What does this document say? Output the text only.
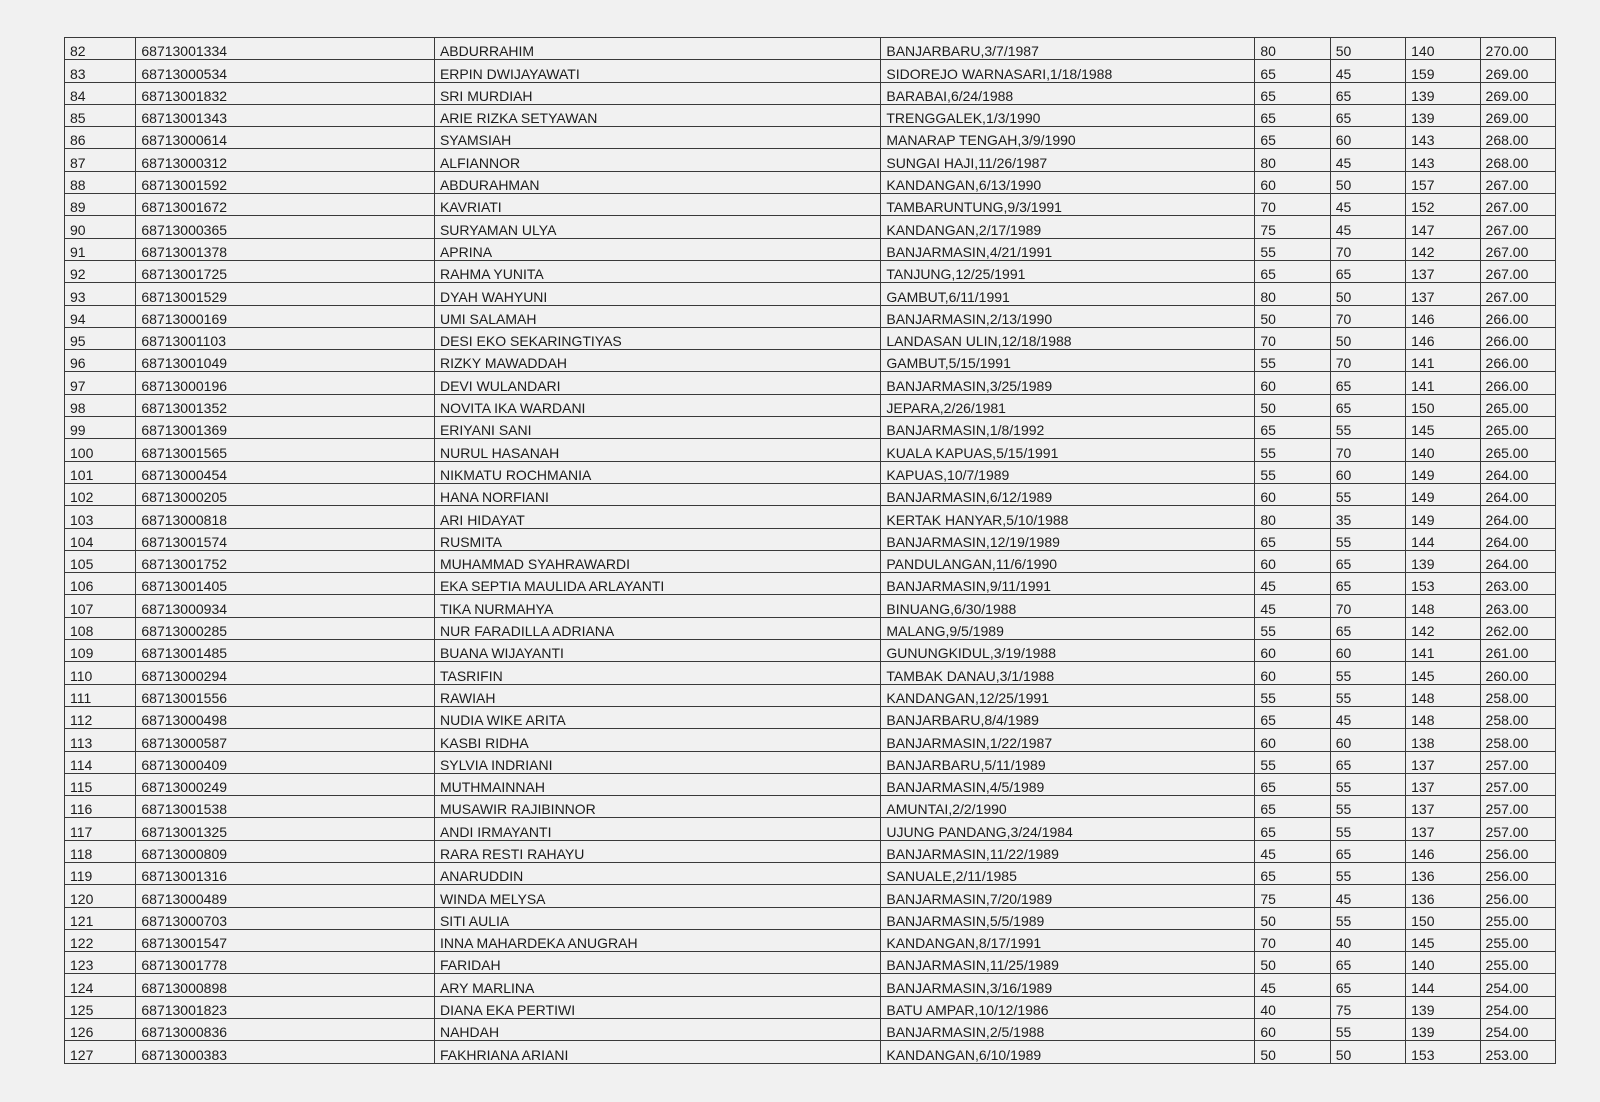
82	68713001334	ABDURRAHIM	BANJARBARU,3/7/1987	80	50	140	270.00
83	68713000534	ERPIN DWIJAYAWATI	SIDOREJO WARNASARI,1/18/1988	65	45	159	269.00
84	68713001832	SRI MURDIAH	BARABAI,6/24/1988	65	65	139	269.00
85	68713001343	ARIE RIZKA SETYAWAN	TRENGGALEK,1/3/1990	65	65	139	269.00
86	68713000614	SYAMSIAH	MANARAP TENGAH,3/9/1990	65	60	143	268.00
87	68713000312	ALFIANNOR	SUNGAI HAJI,11/26/1987	80	45	143	268.00
88	68713001592	ABDURAHMAN	KANDANGAN,6/13/1990	60	50	157	267.00
89	68713001672	KAVRIATI	TAMBARUNTUNG,9/3/1991	70	45	152	267.00
90	68713000365	SURYAMAN ULYA	KANDANGAN,2/17/1989	75	45	147	267.00
91	68713001378	APRINA	BANJARMASIN,4/21/1991	55	70	142	267.00
92	68713001725	RAHMA YUNITA	TANJUNG,12/25/1991	65	65	137	267.00
93	68713001529	DYAH WAHYUNI	GAMBUT,6/11/1991	80	50	137	267.00
94	68713000169	UMI SALAMAH	BANJARMASIN,2/13/1990	50	70	146	266.00
95	68713001103	DESI EKO SEKARINGTIYAS	LANDASAN ULIN,12/18/1988	70	50	146	266.00
96	68713001049	RIZKY MAWADDAH	GAMBUT,5/15/1991	55	70	141	266.00
97	68713000196	DEVI WULANDARI	BANJARMASIN,3/25/1989	60	65	141	266.00
98	68713001352	NOVITA IKA WARDANI	JEPARA,2/26/1981	50	65	150	265.00
99	68713001369	ERIYANI SANI	BANJARMASIN,1/8/1992	65	55	145	265.00
100	68713001565	NURUL HASANAH	KUALA KAPUAS,5/15/1991	55	70	140	265.00
101	68713000454	NIKMATU ROCHMANIA	KAPUAS,10/7/1989	55	60	149	264.00
102	68713000205	HANA NORFIANI	BANJARMASIN,6/12/1989	60	55	149	264.00
103	68713000818	ARI HIDAYAT	KERTAK HANYAR,5/10/1988	80	35	149	264.00
104	68713001574	RUSMITA	BANJARMASIN,12/19/1989	65	55	144	264.00
105	68713001752	MUHAMMAD SYAHRAWARDI	PANDULANGAN,11/6/1990	60	65	139	264.00
106	68713001405	EKA SEPTIA MAULIDA ARLAYANTI	BANJARMASIN,9/11/1991	45	65	153	263.00
107	68713000934	TIKA NURMAHYA	BINUANG,6/30/1988	45	70	148	263.00
108	68713000285	NUR FARADILLA ADRIANA	MALANG,9/5/1989	55	65	142	262.00
109	68713001485	BUANA WIJAYANTI	GUNUNGKIDUL,3/19/1988	60	60	141	261.00
110	68713000294	TASRIFIN	TAMBAK DANAU,3/1/1988	60	55	145	260.00
111	68713001556	RAWIAH	KANDANGAN,12/25/1991	55	55	148	258.00
112	68713000498	NUDIA WIKE ARITA	BANJARBARU,8/4/1989	65	45	148	258.00
113	68713000587	KASBI RIDHA	BANJARMASIN,1/22/1987	60	60	138	258.00
114	68713000409	SYLVIA INDRIANI	BANJARBARU,5/11/1989	55	65	137	257.00
115	68713000249	MUTHMAINNAH	BANJARMASIN,4/5/1989	65	55	137	257.00
116	68713001538	MUSAWIR RAJIBINNOR	AMUNTAI,2/2/1990	65	55	137	257.00
117	68713001325	ANDI IRMAYANTI	UJUNG PANDANG,3/24/1984	65	55	137	257.00
118	68713000809	RARA RESTI RAHAYU	BANJARMASIN,11/22/1989	45	65	146	256.00
119	68713001316	ANARUDDIN	SANUALE,2/11/1985	65	55	136	256.00
120	68713000489	WINDA MELYSA	BANJARMASIN,7/20/1989	75	45	136	256.00
121	68713000703	SITI AULIA	BANJARMASIN,5/5/1989	50	55	150	255.00
122	68713001547	INNA MAHARDEKA ANUGRAH	KANDANGAN,8/17/1991	70	40	145	255.00
123	68713001778	FARIDAH	BANJARMASIN,11/25/1989	50	65	140	255.00
124	68713000898	ARY MARLINA	BANJARMASIN,3/16/1989	45	65	144	254.00
125	68713001823	DIANA EKA PERTIWI	BATU AMPAR,10/12/1986	40	75	139	254.00
126	68713000836	NAHDAH	BANJARMASIN,2/5/1988	60	55	139	254.00
127	68713000383	FAKHRIANA ARIANI	KANDANGAN,6/10/1989	50	50	153	253.00
